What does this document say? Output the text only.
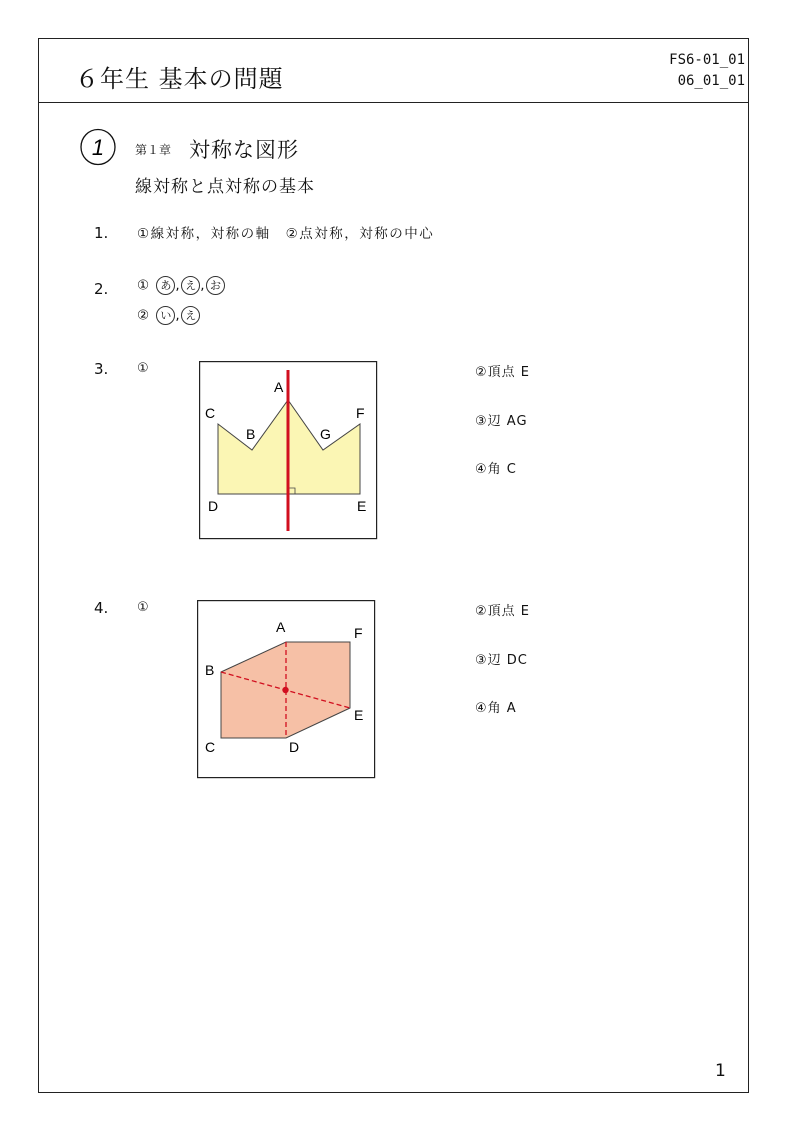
６年生 基本の問題
FS6-01_01
06_01_01
1	第１章 対称な図形
線対称と点対称の基本
1. ①線対称，対称の軸　②点対称，対称の中心
2. ① あ , え , お
② い , え
3. ①
A
B
C
D	E
F
G
②頂点 E
③辺 AG
④角 C
4. ①
A
B
C	D
E
F
②頂点 E
③辺 DC
④角 A
1
